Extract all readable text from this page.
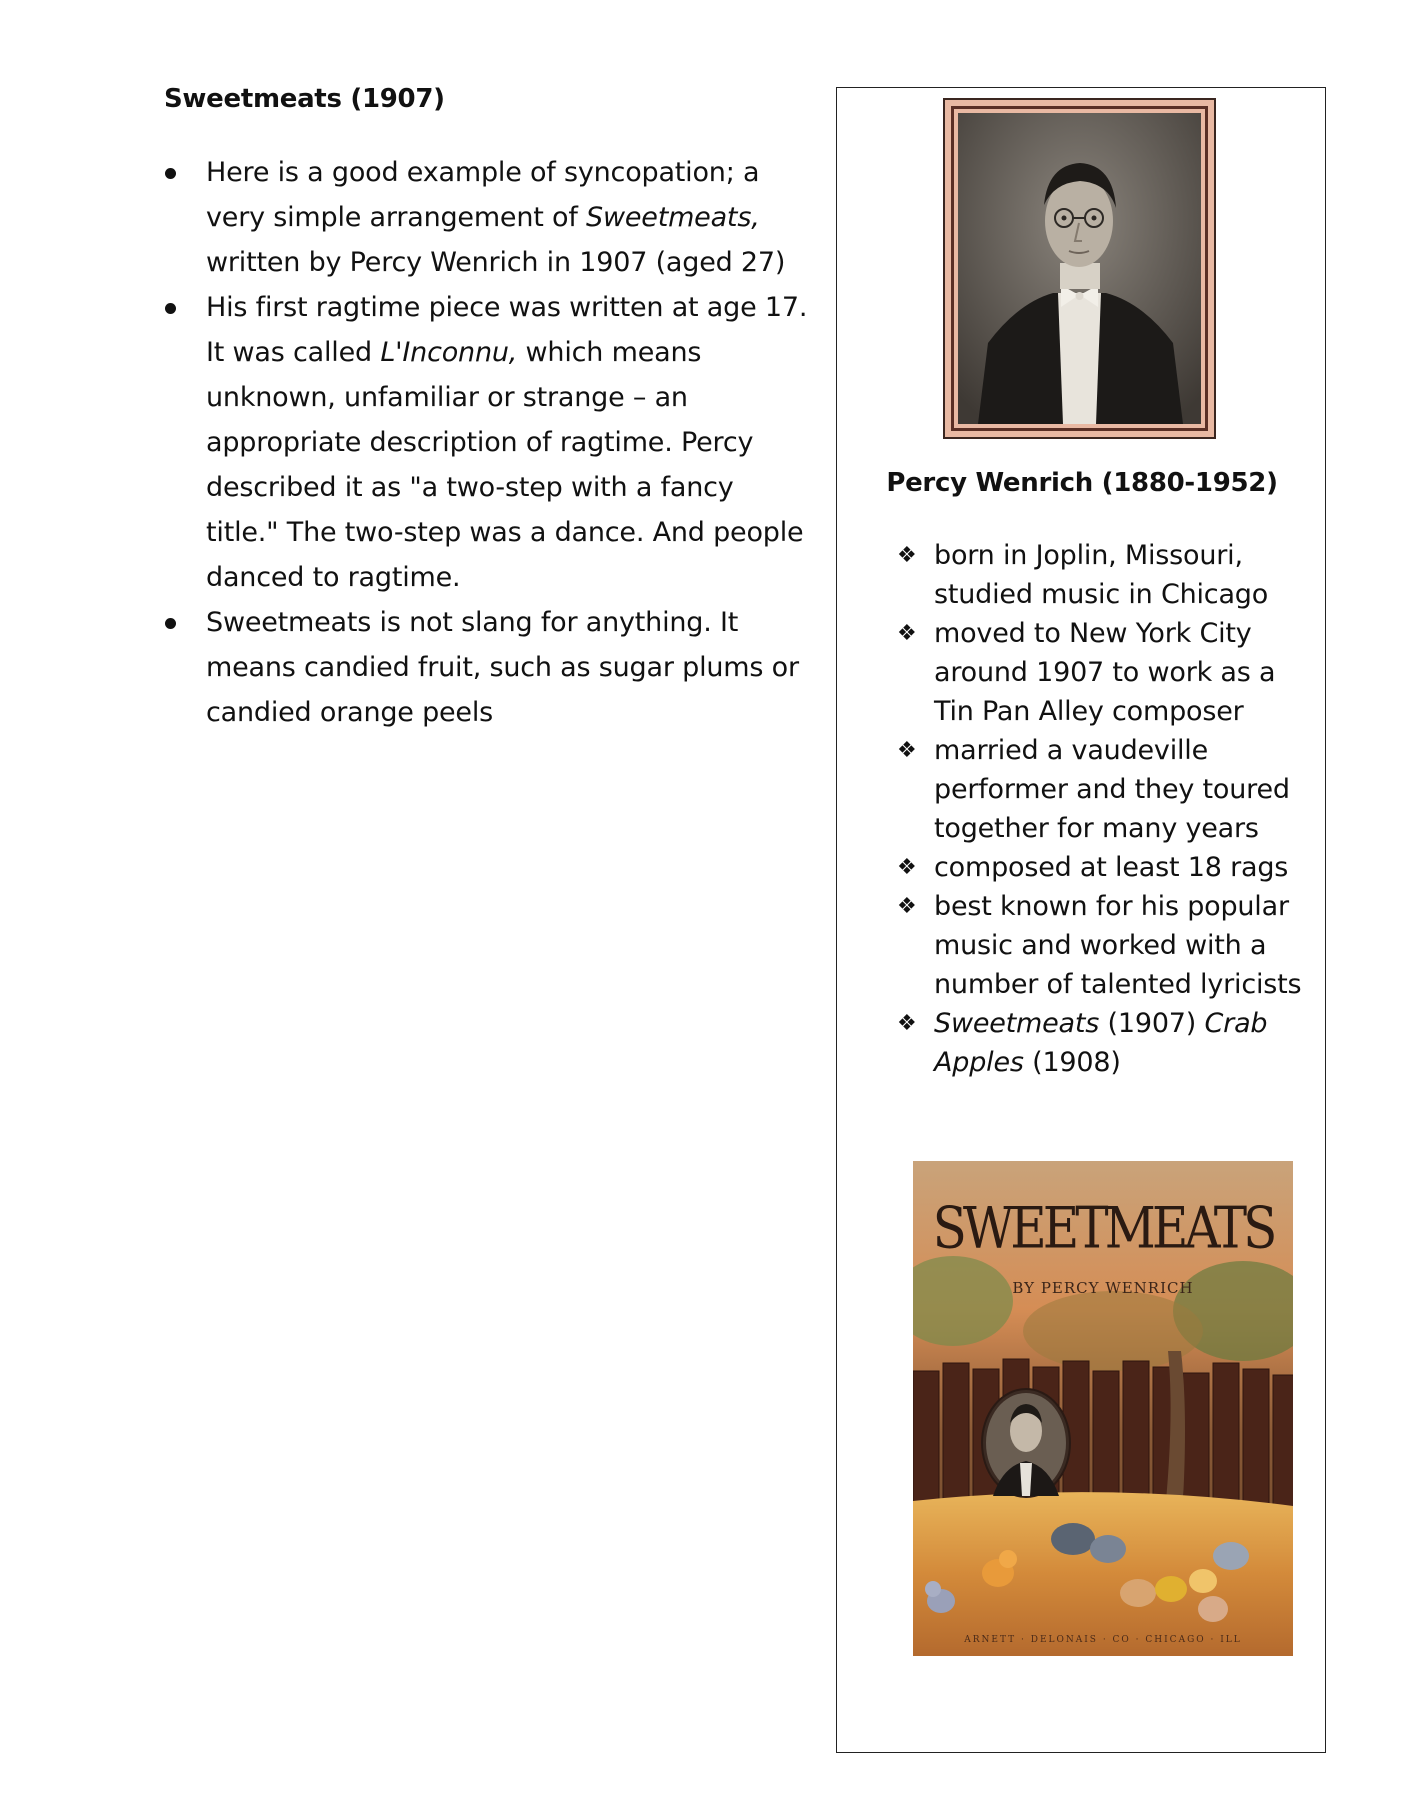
Sweetmeats (1907)
Here is a good example of syncopation; a very simple arrangement of Sweetmeats, written by Percy Wenrich in 1907 (aged 27)
His first ragtime piece was written at age 17. It was called L'Inconnu, which means unknown, unfamiliar or strange – an appropriate description of ragtime. Percy described it as "a two-step with a fancy title." The two-step was a dance. And people danced to ragtime.
Sweetmeats is not slang for anything. It means candied fruit, such as sugar plums or candied orange peels
Percy Wenrich (1880-1952)
❖ born in Joplin, Missouri, studied music in Chicago
❖ moved to New York City around 1907 to work as a Tin Pan Alley composer
❖ married a vaudeville performer and they toured together for many years
❖ composed at least 18 rags
❖ best known for his popular music and worked with a number of talented lyricists
❖ Sweetmeats (1907) Crab Apples (1908)
SWEETMEATS
BY PERCY WENRICH
ARNETT · DELONAIS · CO · CHICAGO · ILL
